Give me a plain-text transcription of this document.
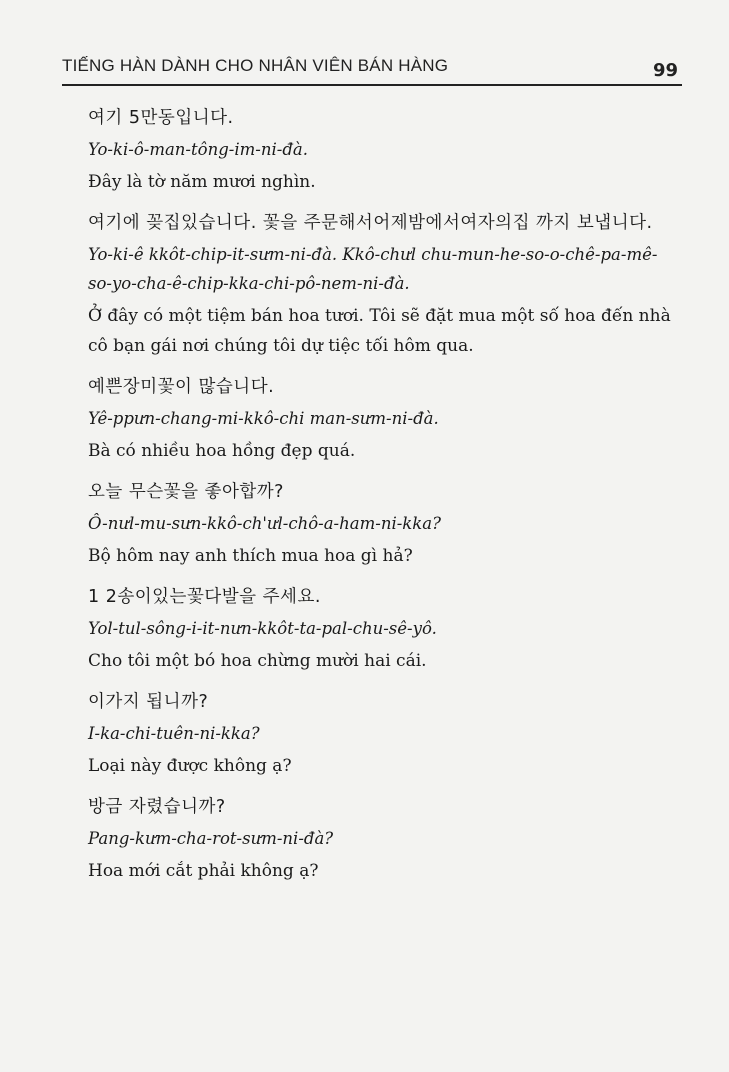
TIẾNG HÀN DÀNH CHO NHÂN VIÊN BÁN HÀNG	99
여기 5만동입니다.
Yo-ki-ô-man-tông-im-ni-đà.
Đây là tờ năm mươi nghìn.
여기에 꽂집있습니다. 꽃을 주문해서어제밤에서여자의집 까지 보냅니다.
Yo-ki-ê kkôt-chip-it-sưm-ni-đà. Kkô-chưl chu-mun-he-so-o-chê-pa-mê-so-yo-cha-ê-chip-kka-chi-pô-nem-ni-đà.
Ở đây có một tiệm bán hoa tươi. Tôi sẽ đặt mua một số hoa đến nhà cô bạn gái nơi chúng tôi dự tiệc tối hôm qua.
예쁜장미꽃이 많습니다.
Yê-ppưn-chang-mi-kkô-chi man-sưm-ni-đà.
Bà có nhiều hoa hồng đẹp quá.
오늘 무슨꽃을 좋아합까?
Ô-nưl-mu-sưn-kkô-ch'ưl-chô-a-ham-ni-kka?
Bộ hôm nay anh thích mua hoa gì hả?
1 2송이있는꽃다발을 주세요.
Yol-tul-sông-i-it-nưn-kkôt-ta-pal-chu-sê-yô.
Cho tôi một bó hoa chừng mười hai cái.
이가지 됩니까?
I-ka-chi-tuên-ni-kka?
Loại này được không ạ?
방금 자렸습니까?
Pang-kưm-cha-rot-sưm-ni-đà?
Hoa mới cắt phải không ạ?
